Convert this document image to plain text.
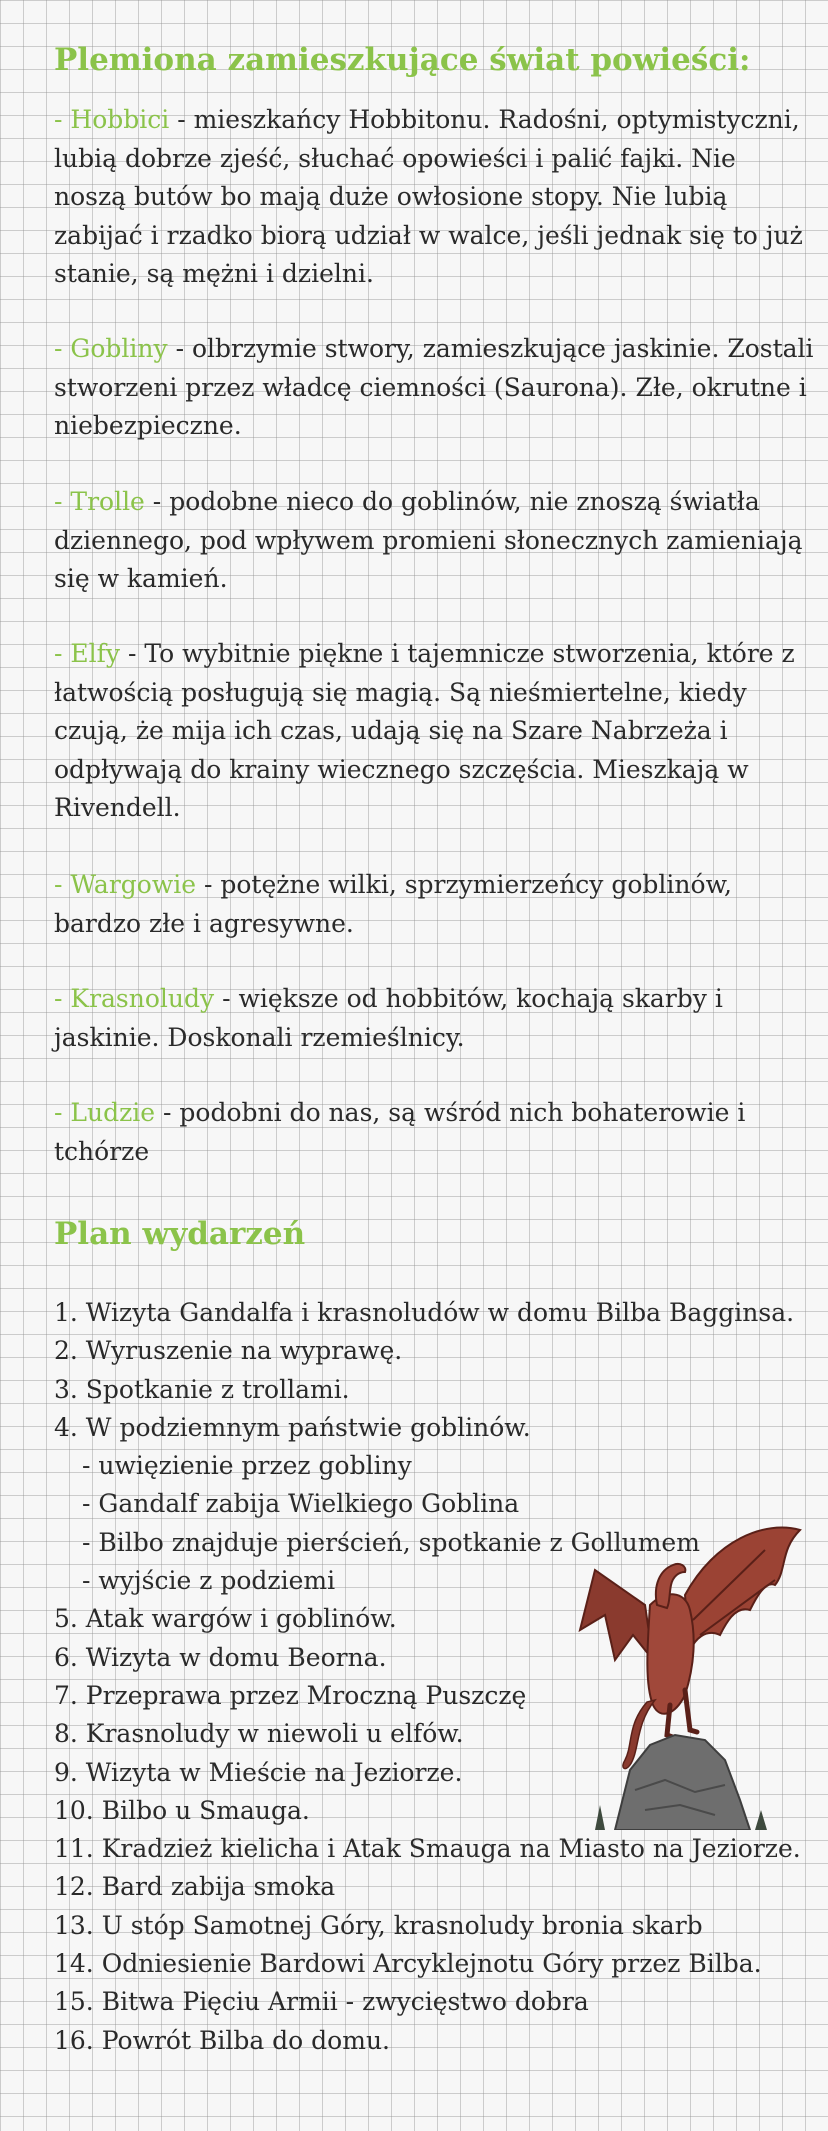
Plemiona zamieszkujące świat powieści:
- Hobbici - mieszkańcy Hobbitonu. Radośni, optymistyczni, lubią dobrze zjeść, słuchać opowieści i palić fajki. Nie noszą butów bo mają duże owłosione stopy. Nie lubią zabijać i rzadko biorą udział w walce, jeśli jednak się to już stanie, są mężni i dzielni.
- Gobliny - olbrzymie stwory, zamieszkujące jaskinie. Zostali stworzeni przez władcę ciemności (Saurona). Złe, okrutne i niebezpieczne.
- Trolle - podobne nieco do goblinów, nie znoszą światła dziennego, pod wpływem promieni słonecznych zamieniają się w kamień.
- Elfy - To wybitnie piękne i tajemnicze stworzenia, które z łatwością posługują się magią. Są nieśmiertelne, kiedy czują, że mija ich czas, udają się na Szare Nabrzeża i odpływają do krainy wiecznego szczęścia. Mieszkają w Rivendell.
- Wargowie - potężne wilki, sprzymierzeńcy goblinów, bardzo złe i agresywne.
- Krasnoludy - większe od hobbitów, kochają skarby i jaskinie. Doskonali rzemieślnicy.
- Ludzie - podobni do nas, są wśród nich bohaterowie i tchórze
Plan wydarzeń
1. Wizyta Gandalfa i krasnoludów w domu Bilba Bagginsa.
2. Wyruszenie na wyprawę.
3. Spotkanie z trollami.
4. W podziemnym państwie goblinów.
- uwięzienie przez gobliny
- Gandalf zabija Wielkiego Goblina
- Bilbo znajduje pierścień, spotkanie z Gollumem
- wyjście z podziemi
5. Atak wargów i goblinów.
6. Wizyta w domu Beorna.
7. Przeprawa przez Mroczną Puszczę
8. Krasnoludy w niewoli u elfów.
9. Wizyta w Mieście na Jeziorze.
10. Bilbo u Smauga.
11. Kradzież kielicha i Atak Smauga na Miasto na Jeziorze.
12. Bard zabija smoka
13. U stóp Samotnej Góry, krasnoludy bronia skarb
14. Odniesienie Bardowi Arcyklejnotu Góry przez Bilba.
15. Bitwa Pięciu Armii - zwycięstwo dobra
16. Powrót Bilba do domu.
